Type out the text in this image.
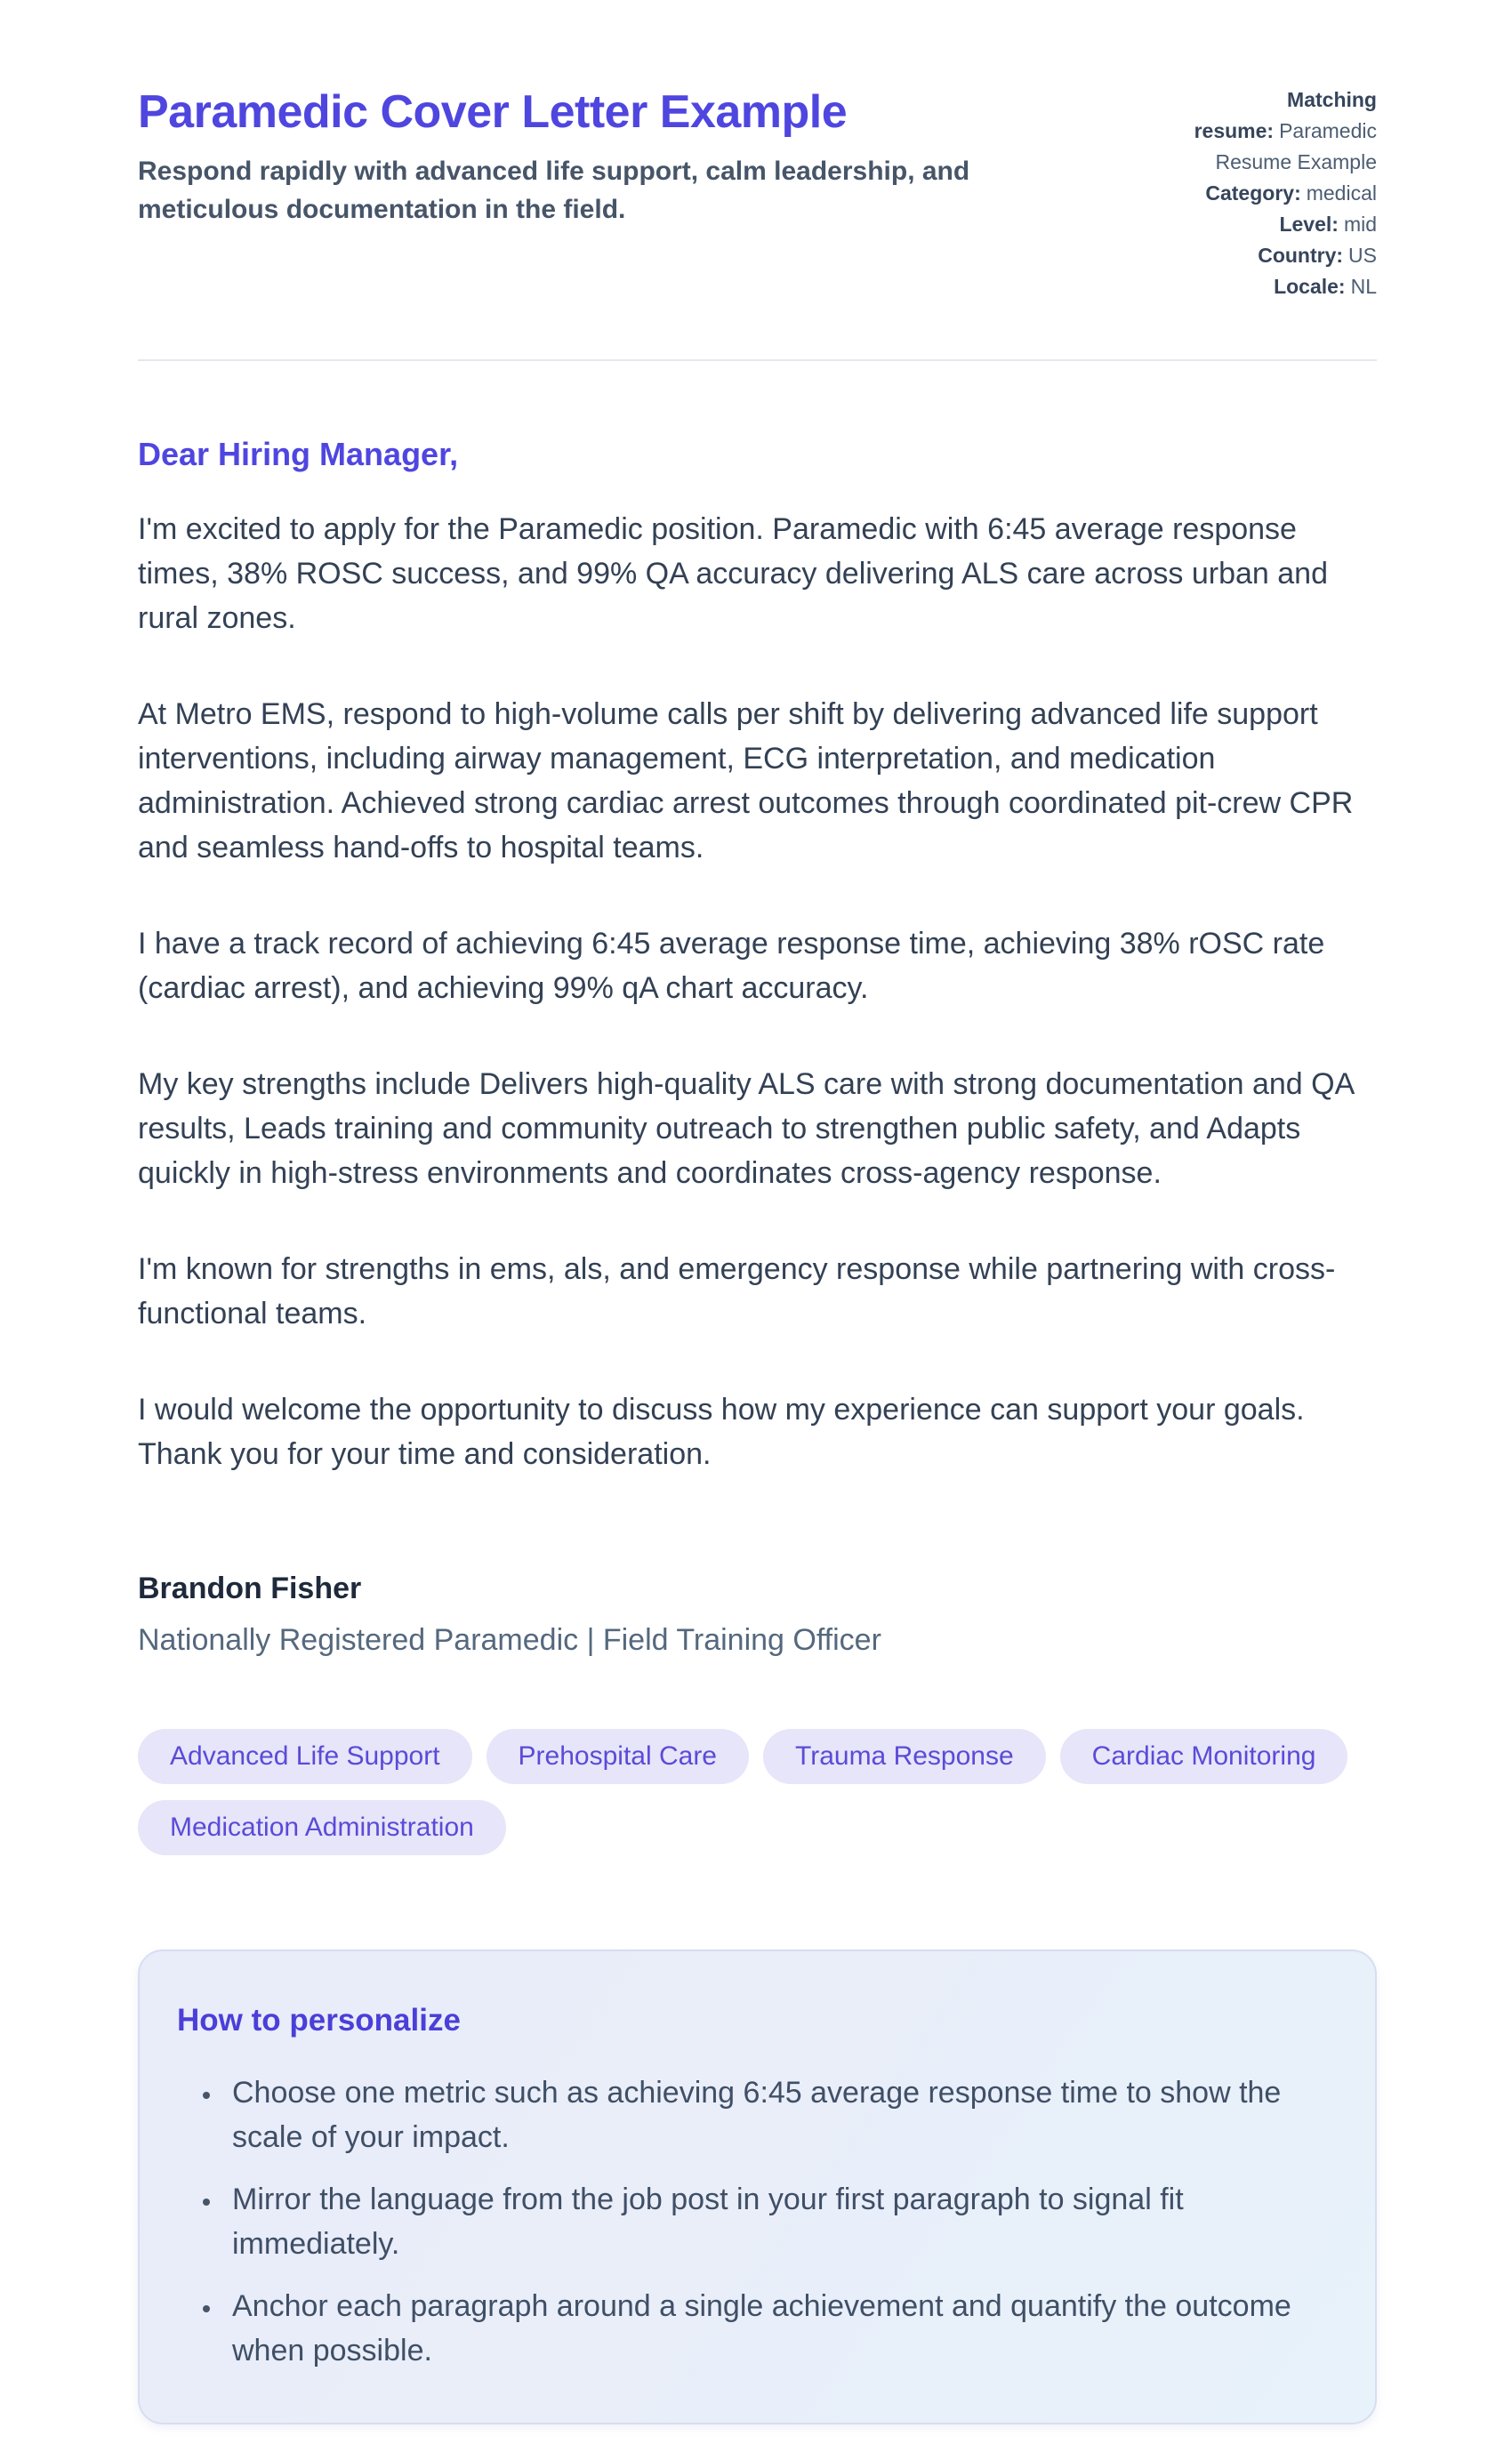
Paramedic Cover Letter Example

Respond rapidly with advanced life support, calm leadership, and meticulous documentation in the field.

Matching resume: Paramedic Resume Example
Category: medical
Level: mid
Country: US
Locale: NL

Dear Hiring Manager,

I'm excited to apply for the Paramedic position. Paramedic with 6:45 average response times, 38% ROSC success, and 99% QA accuracy delivering ALS care across urban and rural zones.

At Metro EMS, respond to high-volume calls per shift by delivering advanced life support interventions, including airway management, ECG interpretation, and medication administration. Achieved strong cardiac arrest outcomes through coordinated pit-crew CPR and seamless hand-offs to hospital teams.

I have a track record of achieving 6:45 average response time, achieving 38% rOSC rate (cardiac arrest), and achieving 99% qA chart accuracy.

My key strengths include Delivers high-quality ALS care with strong documentation and QA results, Leads training and community outreach to strengthen public safety, and Adapts quickly in high-stress environments and coordinates cross-agency response.

I'm known for strengths in ems, als, and emergency response while partnering with cross-functional teams.

I would welcome the opportunity to discuss how my experience can support your goals. Thank you for your time and consideration.

Brandon Fisher

Nationally Registered Paramedic | Field Training Officer

Advanced Life Support	Prehospital Care	Trauma Response	Cardiac Monitoring
Medication Administration
How to personalize
• Choose one metric such as achieving 6:45 average response time to show the scale of your impact.
• Mirror the language from the job post in your first paragraph to signal fit immediately.
• Anchor each paragraph around a single achievement and quantify the outcome when possible.
